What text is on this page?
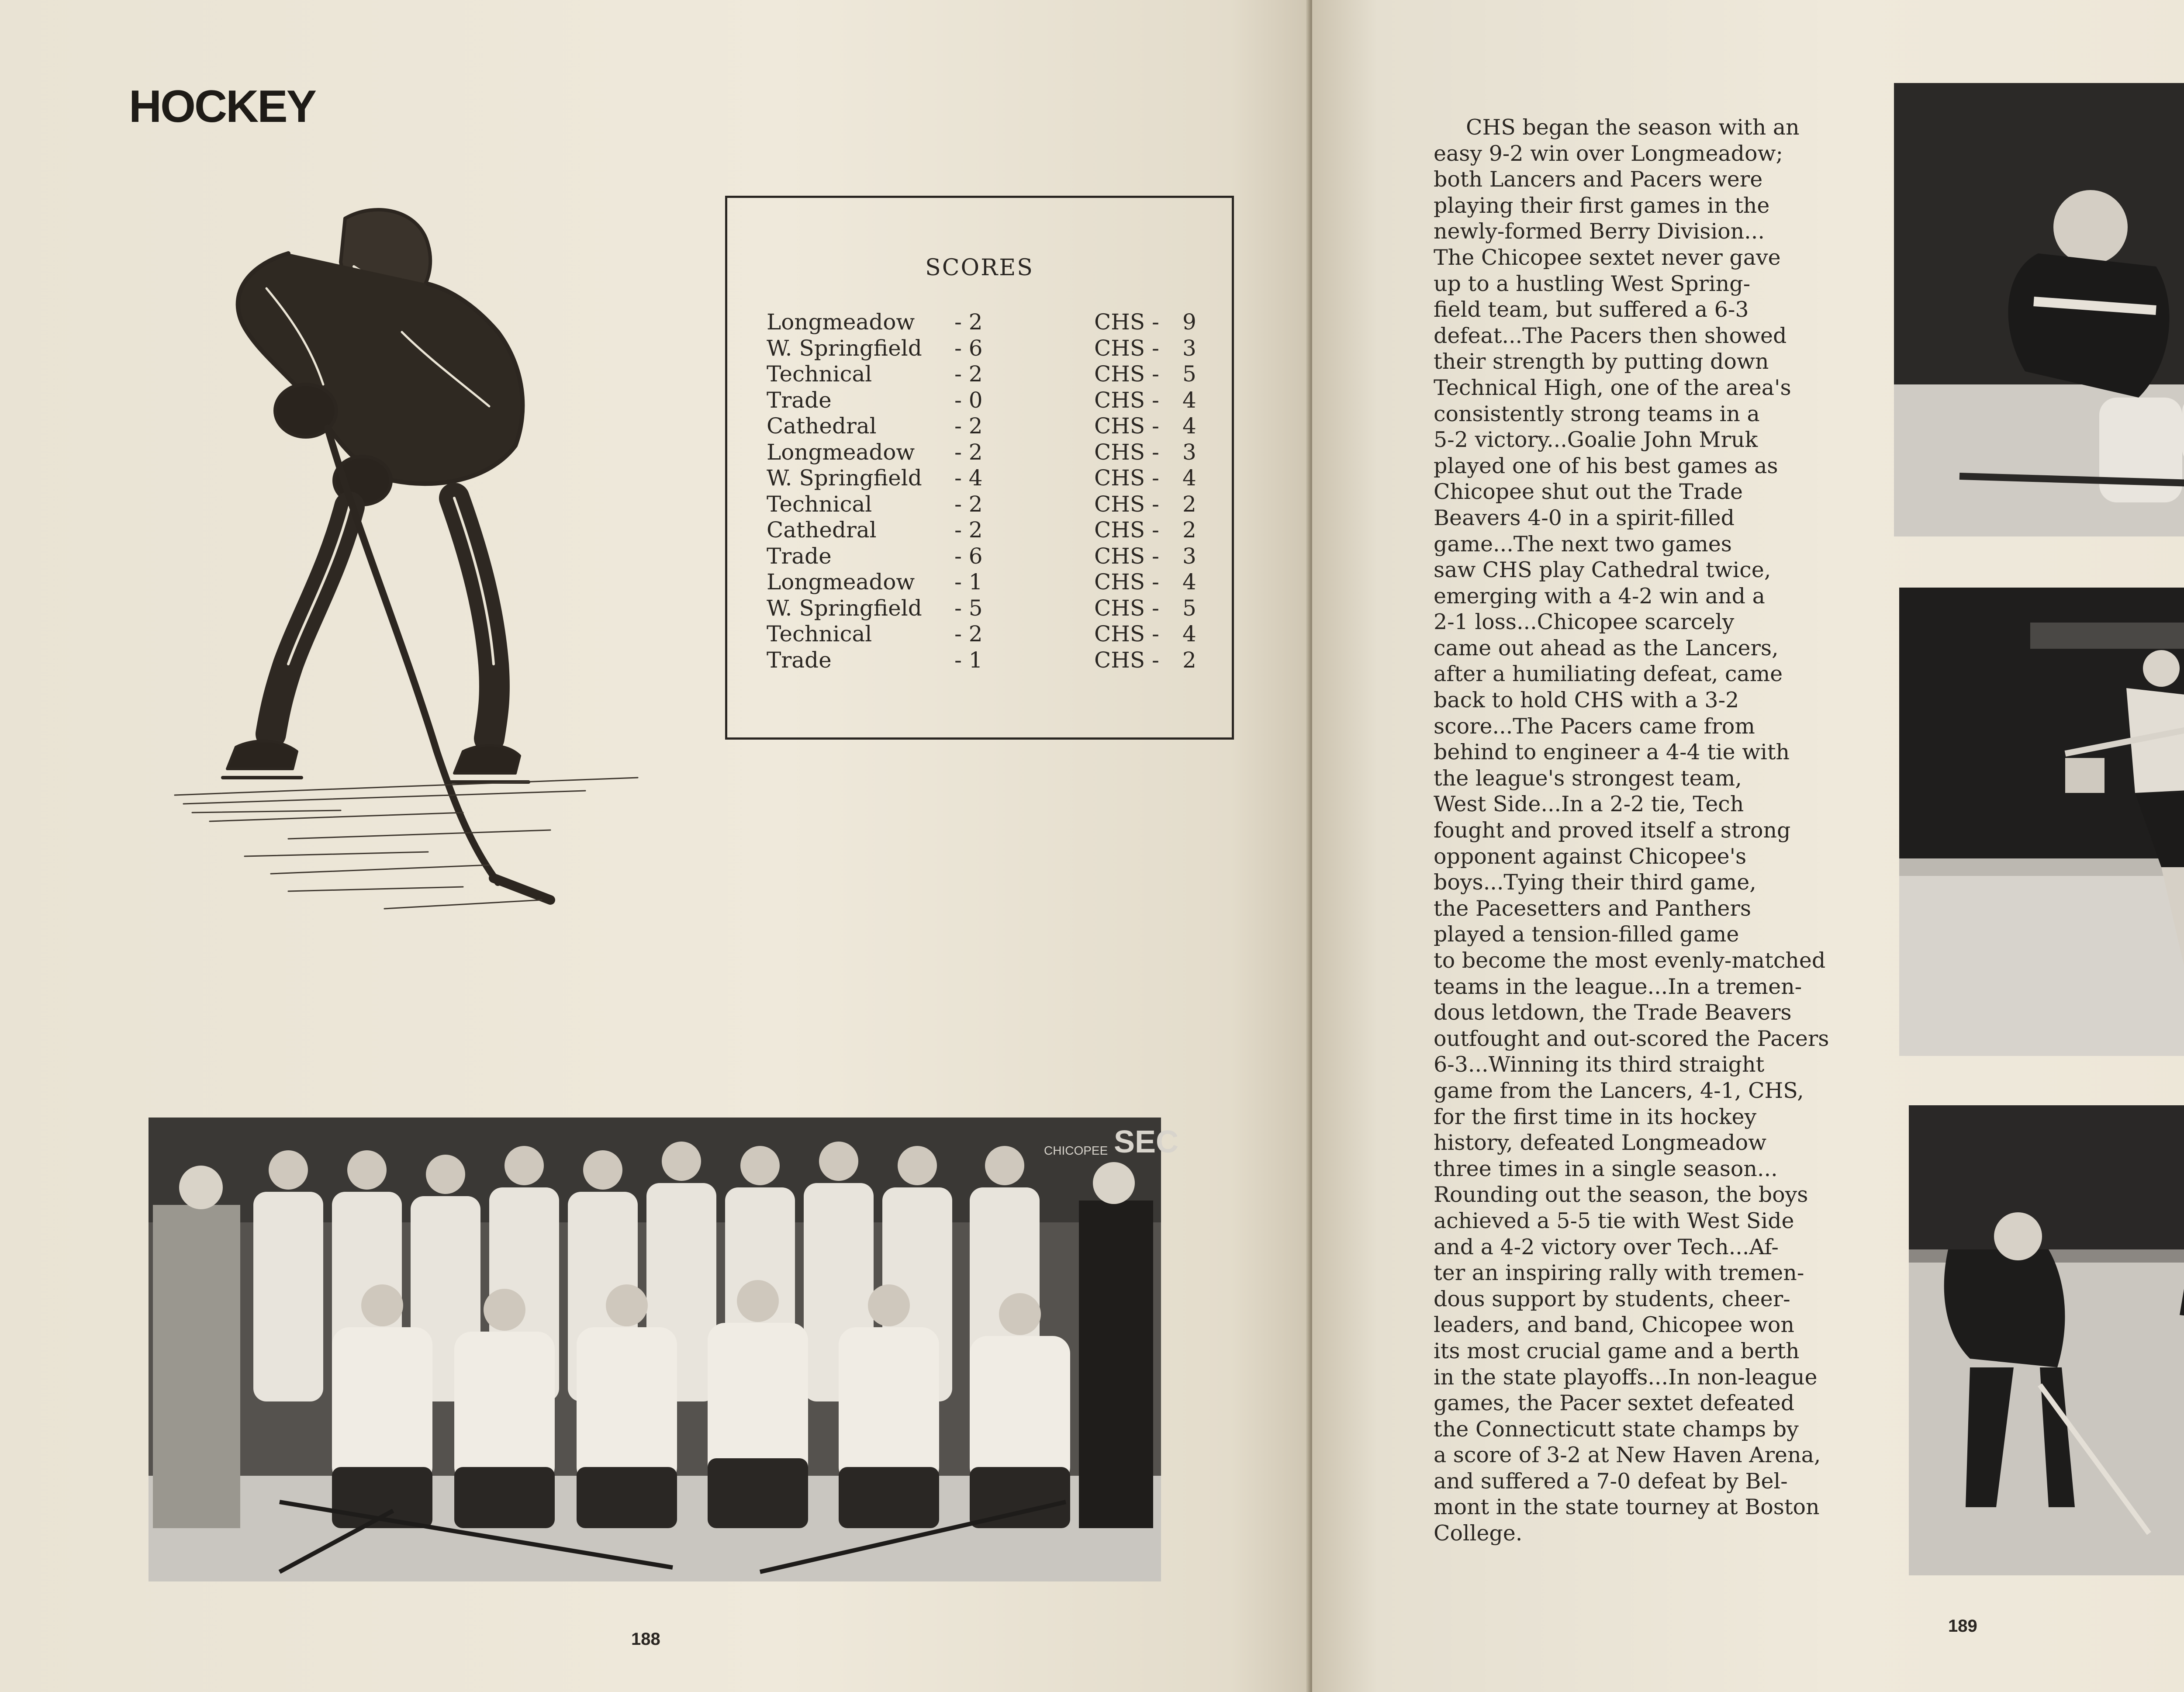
HOCKEY
SCORES
Longmeadow - 2	CHS - 9
W. Springfield - 6	CHS - 3
Technical	- 2	CHS - 5
Trade	- 0	CHS - 4
Cathedral	- 2	CHS - 4
Longmeadow - 2	CHS - 3
W. Springfield - 4	CHS - 4
Technical	- 2	CHS - 2
Cathedral	- 2	CHS - 2
Trade	- 6	CHS - 3
Longmeadow - 1	CHS - 4
W. Springfield - 5	CHS - 5
Technical	- 2	CHS - 4
Trade	- 1	CHS - 2
SEC
CHICOPEE
188

CHS began the season with an
easy 9-2 win over Longmeadow;
both Lancers and Pacers were
playing their first games in the
newly-formed Berry Division...
The Chicopee sextet never gave
up to a hustling West Spring-
field team, but suffered a 6-3
defeat...The Pacers then showed
their strength by putting down
Technical High, one of the area's
consistently strong teams in a
5-2 victory...Goalie John Mruk
played one of his best games as
Chicopee shut out the Trade
Beavers 4-0 in a spirit-filled
game...The next two games
saw CHS play Cathedral twice,
emerging with a 4-2 win and a
2-1 loss...Chicopee scarcely
came out ahead as the Lancers,
after a humiliating defeat, came
back to hold CHS with a 3-2
score...The Pacers came from
behind to engineer a 4-4 tie with
the league's strongest team,
West Side...In a 2-2 tie, Tech
fought and proved itself a strong
opponent against Chicopee's
boys...Tying their third game,
the Pacesetters and Panthers
played a tension-filled game
to become the most evenly-matched
teams in the league...In a tremen-
dous letdown, the Trade Beavers
outfought and out-scored the Pacers
6-3...Winning its third straight
game from the Lancers, 4-1, CHS,
for the first time in its hockey
history, defeated Longmeadow
three times in a single season...
Rounding out the season, the boys
achieved a 5-5 tie with West Side
and a 4-2 victory over Tech...Af-
ter an inspiring rally with tremen-
dous support by students, cheer-
leaders, and band, Chicopee won
its most crucial game and a berth
in the state playoffs...In non-league
games, the Pacer sextet defeated
the Connecticutt state champs by
a score of 3-2 at New Haven Arena,
and suffered a 7-0 defeat by Bel-
mont in the state tourney at Boston
College.

189
